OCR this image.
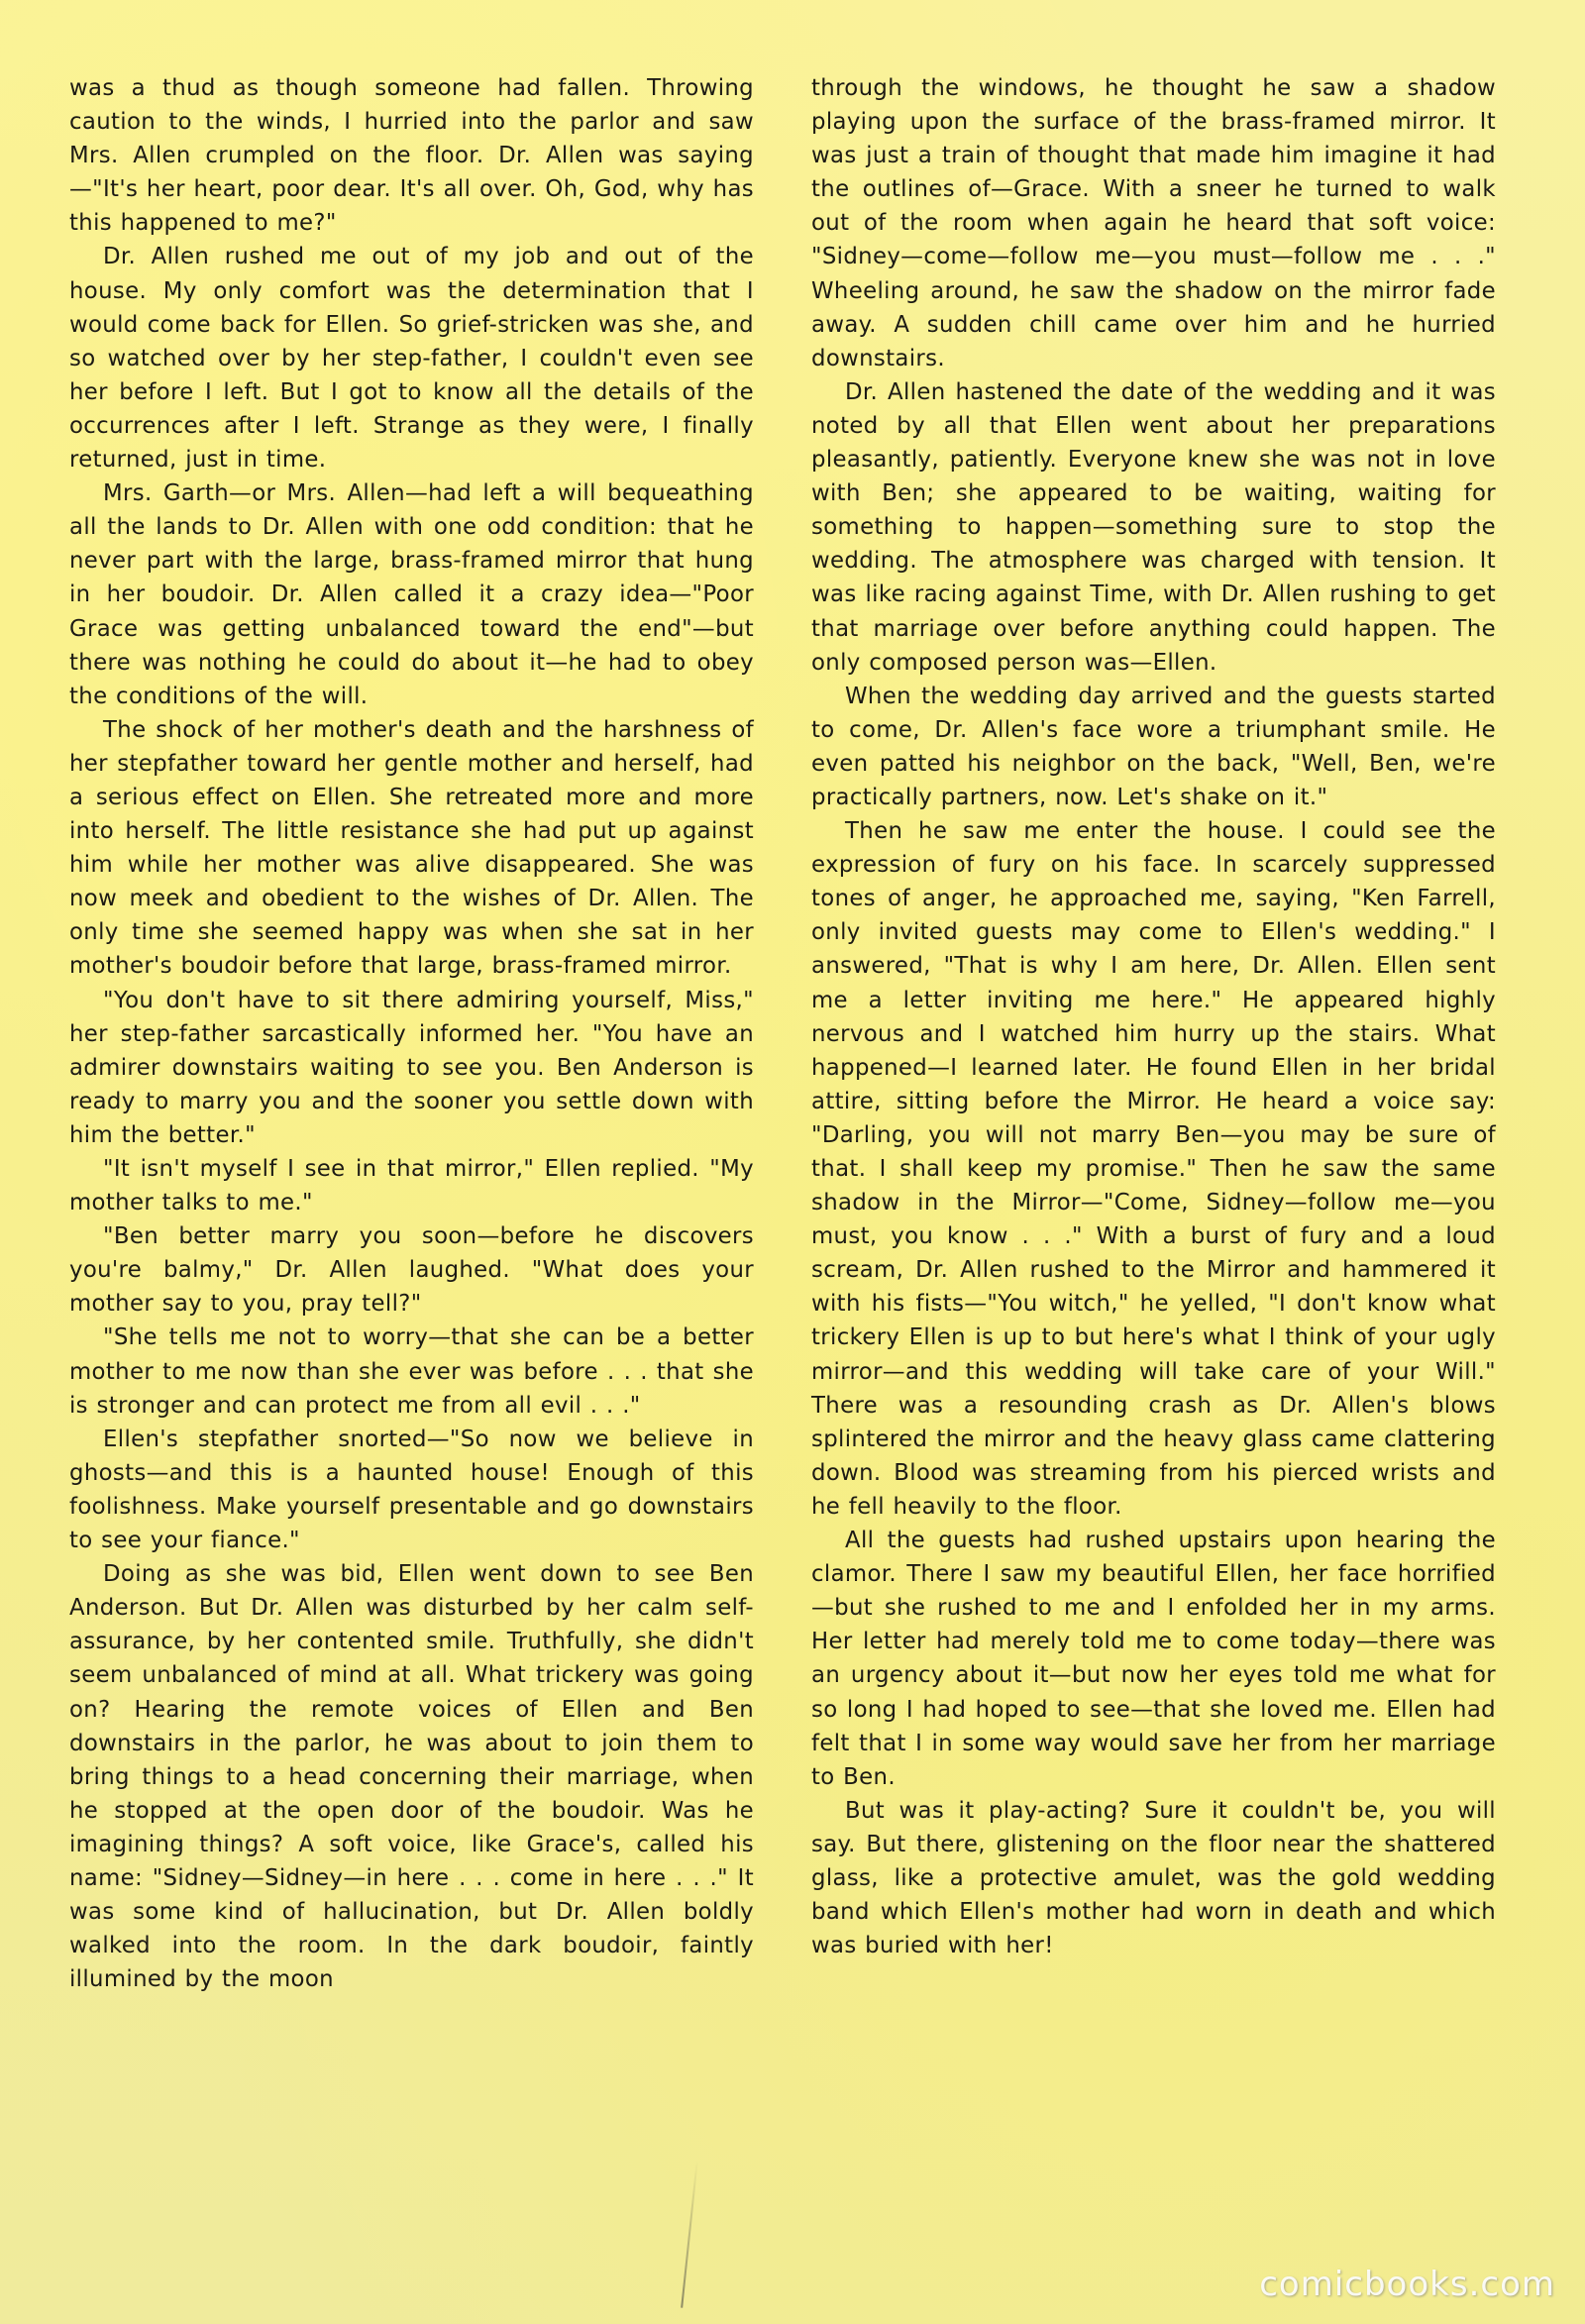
was a thud as though someone had fallen. Throwing caution to the winds, I hurried into the parlor and saw Mrs. Allen crumpled on the floor. Dr. Allen was saying—"It's her heart, poor dear. It's all over. Oh, God, why has this happened to me?"

Dr. Allen rushed me out of my job and out of the house. My only comfort was the determination that I would come back for Ellen. So grief-stricken was she, and so watched over by her step-father, I couldn't even see her before I left. But I got to know all the details of the occurrences after I left. Strange as they were, I finally returned, just in time.

Mrs. Garth—or Mrs. Allen—had left a will bequeathing all the lands to Dr. Allen with one odd condition: that he never part with the large, brass-framed mirror that hung in her boudoir. Dr. Allen called it a crazy idea—"Poor Grace was getting unbalanced toward the end"—but there was nothing he could do about it—he had to obey the conditions of the will.

The shock of her mother's death and the harshness of her stepfather toward her gentle mother and herself, had a serious effect on Ellen. She retreated more and more into herself. The little resistance she had put up against him while her mother was alive disappeared. She was now meek and obedient to the wishes of Dr. Allen. The only time she seemed happy was when she sat in her mother's boudoir before that large, brass-framed mirror.

"You don't have to sit there admiring yourself, Miss," her step-father sarcastically informed her. "You have an admirer downstairs waiting to see you. Ben Anderson is ready to marry you and the sooner you settle down with him the better."

"It isn't myself I see in that mirror," Ellen replied. "My mother talks to me."

"Ben better marry you soon—before he discovers you're balmy," Dr. Allen laughed. "What does your mother say to you, pray tell?"

"She tells me not to worry—that she can be a better mother to me now than she ever was before . . . that she is stronger and can protect me from all evil . . ."

Ellen's stepfather snorted—"So now we believe in ghosts—and this is a haunted house! Enough of this foolishness. Make yourself presentable and go downstairs to see your fiance."

Doing as she was bid, Ellen went down to see Ben Anderson. But Dr. Allen was disturbed by her calm self-assurance, by her contented smile. Truthfully, she didn't seem unbalanced of mind at all. What trickery was going on? Hearing the remote voices of Ellen and Ben downstairs in the parlor, he was about to join them to bring things to a head concerning their marriage, when he stopped at the open door of the boudoir. Was he imagining things? A soft voice, like Grace's, called his name: "Sidney—Sidney—in here . . . come in here . . ." It was some kind of hallucination, but Dr. Allen boldly walked into the room. In the dark boudoir, faintly illumined by the moon

through the windows, he thought he saw a shadow playing upon the surface of the brass-framed mirror. It was just a train of thought that made him imagine it had the outlines of—Grace. With a sneer he turned to walk out of the room when again he heard that soft voice: "Sidney—come—follow me—you must—follow me . . ." Wheeling around, he saw the shadow on the mirror fade away. A sudden chill came over him and he hurried downstairs.

Dr. Allen hastened the date of the wedding and it was noted by all that Ellen went about her preparations pleasantly, patiently. Everyone knew she was not in love with Ben; she appeared to be waiting, waiting for something to happen—something sure to stop the wedding. The atmosphere was charged with tension. It was like racing against Time, with Dr. Allen rushing to get that marriage over before anything could happen. The only composed person was—Ellen.

When the wedding day arrived and the guests started to come, Dr. Allen's face wore a triumphant smile. He even patted his neighbor on the back, "Well, Ben, we're practically partners, now. Let's shake on it."

Then he saw me enter the house. I could see the expression of fury on his face. In scarcely suppressed tones of anger, he approached me, saying, "Ken Farrell, only invited guests may come to Ellen's wedding." I answered, "That is why I am here, Dr. Allen. Ellen sent me a letter inviting me here." He appeared highly nervous and I watched him hurry up the stairs. What happened—I learned later. He found Ellen in her bridal attire, sitting before the Mirror. He heard a voice say: "Darling, you will not marry Ben—you may be sure of that. I shall keep my promise." Then he saw the same shadow in the Mirror—"Come, Sidney—follow me—you must, you know . . ." With a burst of fury and a loud scream, Dr. Allen rushed to the Mirror and hammered it with his fists—"You witch," he yelled, "I don't know what trickery Ellen is up to but here's what I think of your ugly mirror—and this wedding will take care of your Will." There was a resounding crash as Dr. Allen's blows splintered the mirror and the heavy glass came clattering down. Blood was streaming from his pierced wrists and he fell heavily to the floor.

All the guests had rushed upstairs upon hearing the clamor. There I saw my beautiful Ellen, her face horrified—but she rushed to me and I enfolded her in my arms. Her letter had merely told me to come today—there was an urgency about it—but now her eyes told me what for so long I had hoped to see—that she loved me. Ellen had felt that I in some way would save her from her marriage to Ben.

But was it play-acting? Sure it couldn't be, you will say. But there, glistening on the floor near the shattered glass, like a protective amulet, was the gold wedding band which Ellen's mother had worn in death and which was buried with her!

comicbooks.com
